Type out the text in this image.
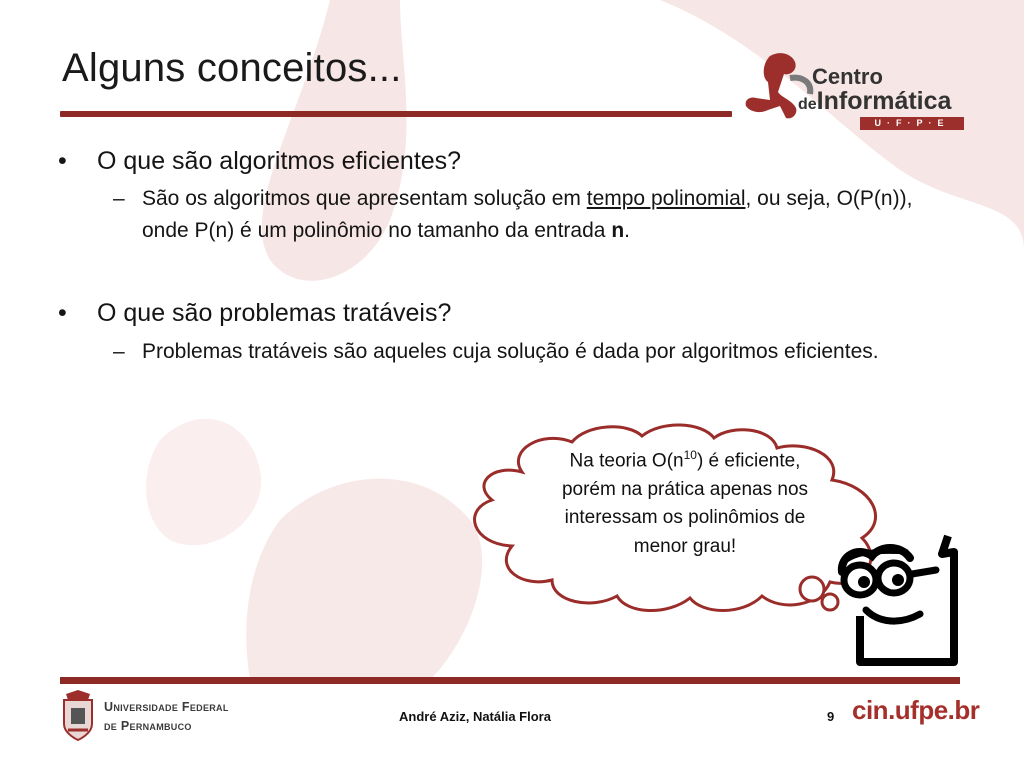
Alguns conceitos...	Centro
deInformática
U·F·P·E
• O que são algoritmos eficientes?
– São os algoritmos que apresentam solução em tempo polinomial, ou seja, O(P(n)), onde P(n) é um polinômio no tamanho da entrada n.
• O que são problemas tratáveis?
– Problemas tratáveis são aqueles cuja solução é dada por algoritmos eficientes.
Na teoria $O(n^{10})$ é eficiente,
porém na prática apenas nos
interessam os polinômios de
menor grau!
Universidade Federal
de Pernambuco
André Aziz, Natália Flora	9 cin.ufpe.br
